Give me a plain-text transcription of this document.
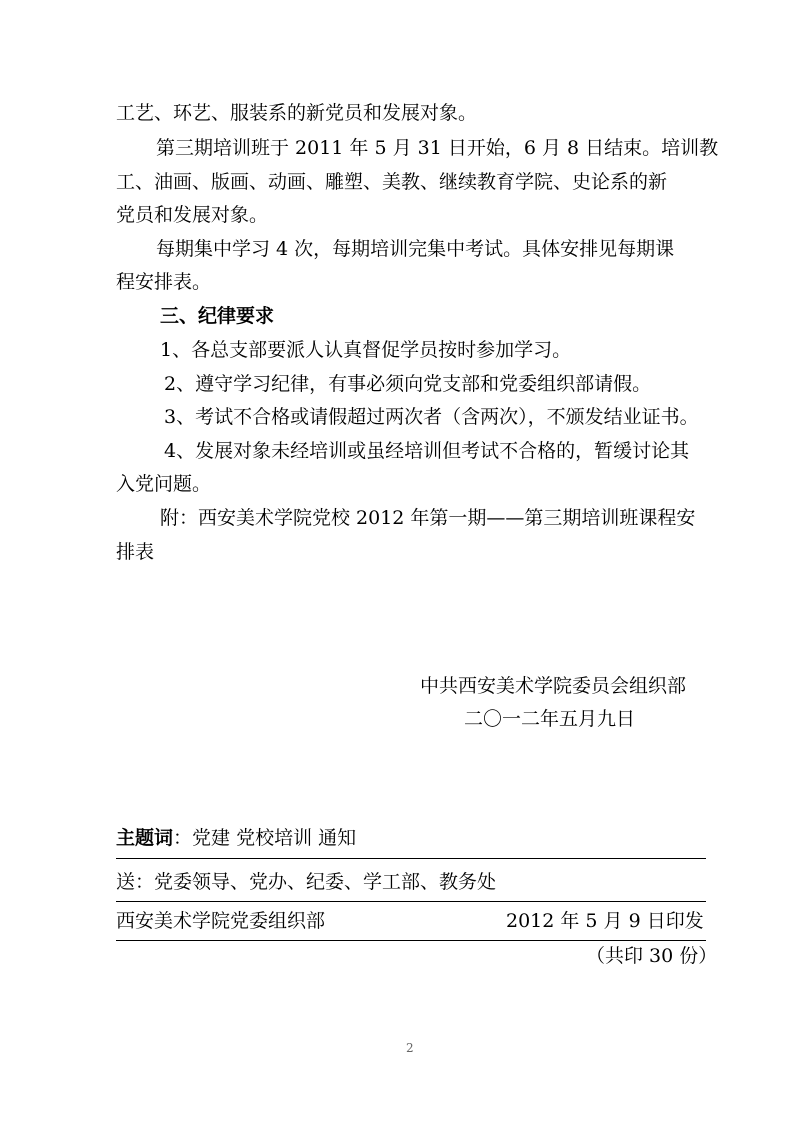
工艺、环艺、服装系的新党员和发展对象。
第三期培训班于 2011 年 5 月 31 日开始，6 月 8 日结束。培训教
工、油画、版画、动画、雕塑、美教、继续教育学院、史论系的新
党员和发展对象。
每期集中学习 4 次，每期培训完集中考试。具体安排见每期课
程安排表。
三、纪律要求
1、各总支部要派人认真督促学员按时参加学习。
2、遵守学习纪律，有事必须向党支部和党委组织部请假。
3、考试不合格或请假超过两次者（含两次），不颁发结业证书。
4、发展对象未经培训或虽经培训但考试不合格的，暂缓讨论其
入党问题。
附：西安美术学院党校 2012 年第一期——第三期培训班课程安
排表
中共西安美术学院委员会组织部
二〇一二年五月九日
主题词：党建 党校培训 通知
送：党委领导、党办、纪委、学工部、教务处
西安美术学院党委组织部	2012 年 5 月 9 日印发
（共印 30 份）
2
